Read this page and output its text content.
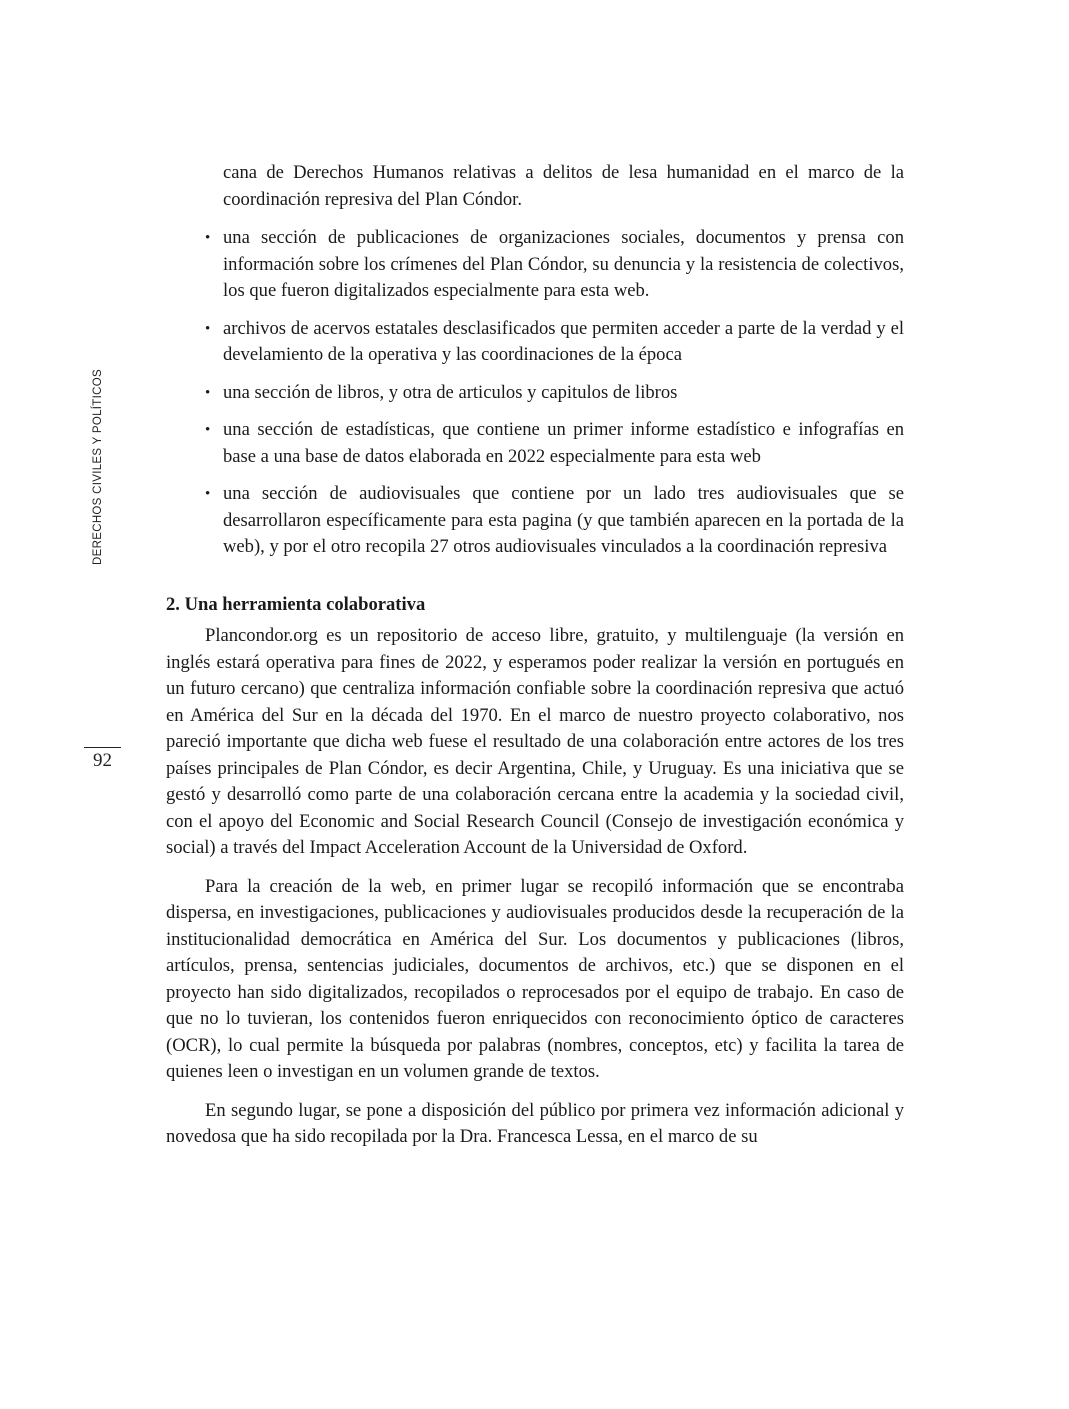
DERECHOS CIVILES Y POLÍTICOS
92
cana de Derechos Humanos relativas a delitos de lesa humanidad en el marco de la coordinación represiva del Plan Cóndor.
• una sección de publicaciones de organizaciones sociales, documentos y prensa con información sobre los crímenes del Plan Cóndor, su denuncia y la resistencia de colectivos, los que fueron digitalizados especialmente para esta web.
• archivos de acervos estatales desclasificados que permiten acceder a parte de la verdad y el develamiento de la operativa y las coordinaciones de la época
• una sección de libros, y otra de articulos y capitulos de libros
• una sección de estadísticas, que contiene un primer informe estadístico e infografías en base a una base de datos elaborada en 2022 especialmente para esta web
• una sección de audiovisuales que contiene por un lado tres audiovisuales que se desarrollaron específicamente para esta pagina (y que también aparecen en la portada de la web), y por el otro recopila 27 otros audiovisuales vinculados a la coordinación represiva

2. Una herramienta colaborativa

Plancondor.org es un repositorio de acceso libre, gratuito, y multilenguaje (la versión en inglés estará operativa para fines de 2022, y esperamos poder realizar la versión en portugués en un futuro cercano) que centraliza información confiable sobre la coordinación represiva que actuó en América del Sur en la década del 1970. En el marco de nuestro proyecto colaborativo, nos pareció importante que dicha web fuese el resultado de una colaboración entre actores de los tres países principales de Plan Cóndor, es decir Argentina, Chile, y Uruguay. Es una iniciativa que se gestó y desarrolló como parte de una colaboración cercana entre la academia y la sociedad civil, con el apoyo del Economic and Social Research Council (Consejo de investigación económica y social) a través del Impact Acceleration Account de la Universidad de Oxford.

Para la creación de la web, en primer lugar se recopiló información que se encontraba dispersa, en investigaciones, publicaciones y audiovisuales producidos desde la recuperación de la institucionalidad democrática en América del Sur. Los documentos y publicaciones (libros, artículos, prensa, sentencias judiciales, documentos de archivos, etc.) que se disponen en el proyecto han sido digitalizados, recopilados o reprocesados por el equipo de trabajo. En caso de que no lo tuvieran, los contenidos fueron enriquecidos con reconocimiento óptico de caracteres (OCR), lo cual permite la búsqueda por palabras (nombres, conceptos, etc) y facilita la tarea de quienes leen o investigan en un volumen grande de textos.

En segundo lugar, se pone a disposición del público por primera vez información adicional y novedosa que ha sido recopilada por la Dra. Francesca Lessa, en el marco de su
